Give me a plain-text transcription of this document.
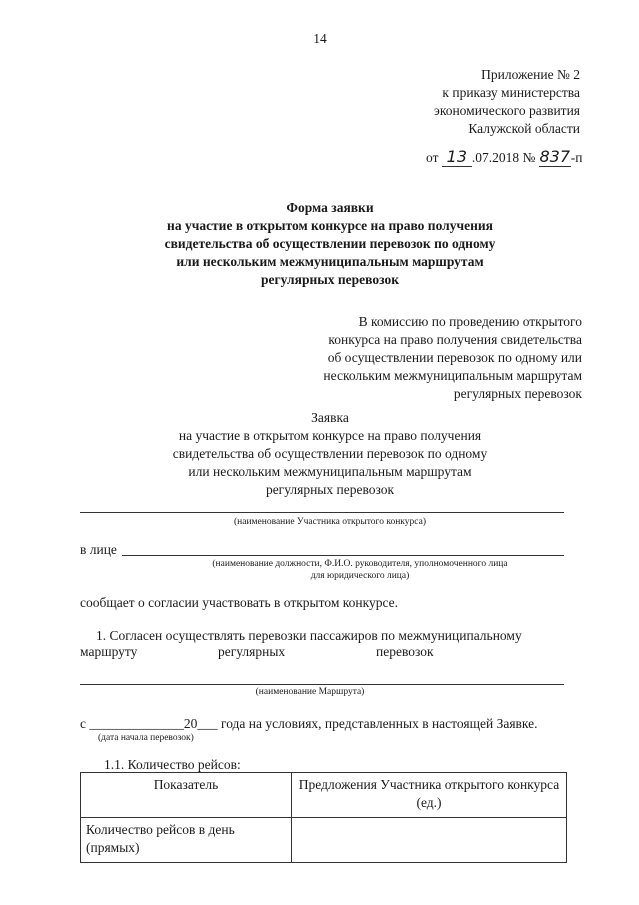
14
Приложение № 2
к приказу министерства
экономического развития
Калужской области
от 13 .07.2018 № 837-п
Форма заявки
на участие в открытом конкурсе на право получения
свидетельства об осуществлении перевозок по одному
или нескольким межмуниципальным маршрутам
регулярных перевозок
В комиссию по проведению открытого
конкурса на право получения свидетельства
об осуществлении перевозок по одному или
нескольким межмуниципальным маршрутам
регулярных перевозок
Заявка
на участие в открытом конкурсе на право получения
свидетельства об осуществлении перевозок по одному
или нескольким межмуниципальным маршрутам
регулярных перевозок
(наименование Участника открытого конкурса)
в лице
(наименование должности, Ф.И.О. руководителя, уполномоченного лица
для юридического лица)
сообщает о согласии участвовать в открытом конкурсе.
1. Согласен осуществлять перевозки пассажиров по межмуниципальному
маршруту	регулярных	перевозок
(наименование Маршрута)
с ______________20___ года на условиях, представленных в настоящей Заявке.
(дата начала перевозок)
1.1. Количество рейсов:
Показатель	Предложения Участника открытого конкурса (ед.)
Количество рейсов в день (прямых)	
